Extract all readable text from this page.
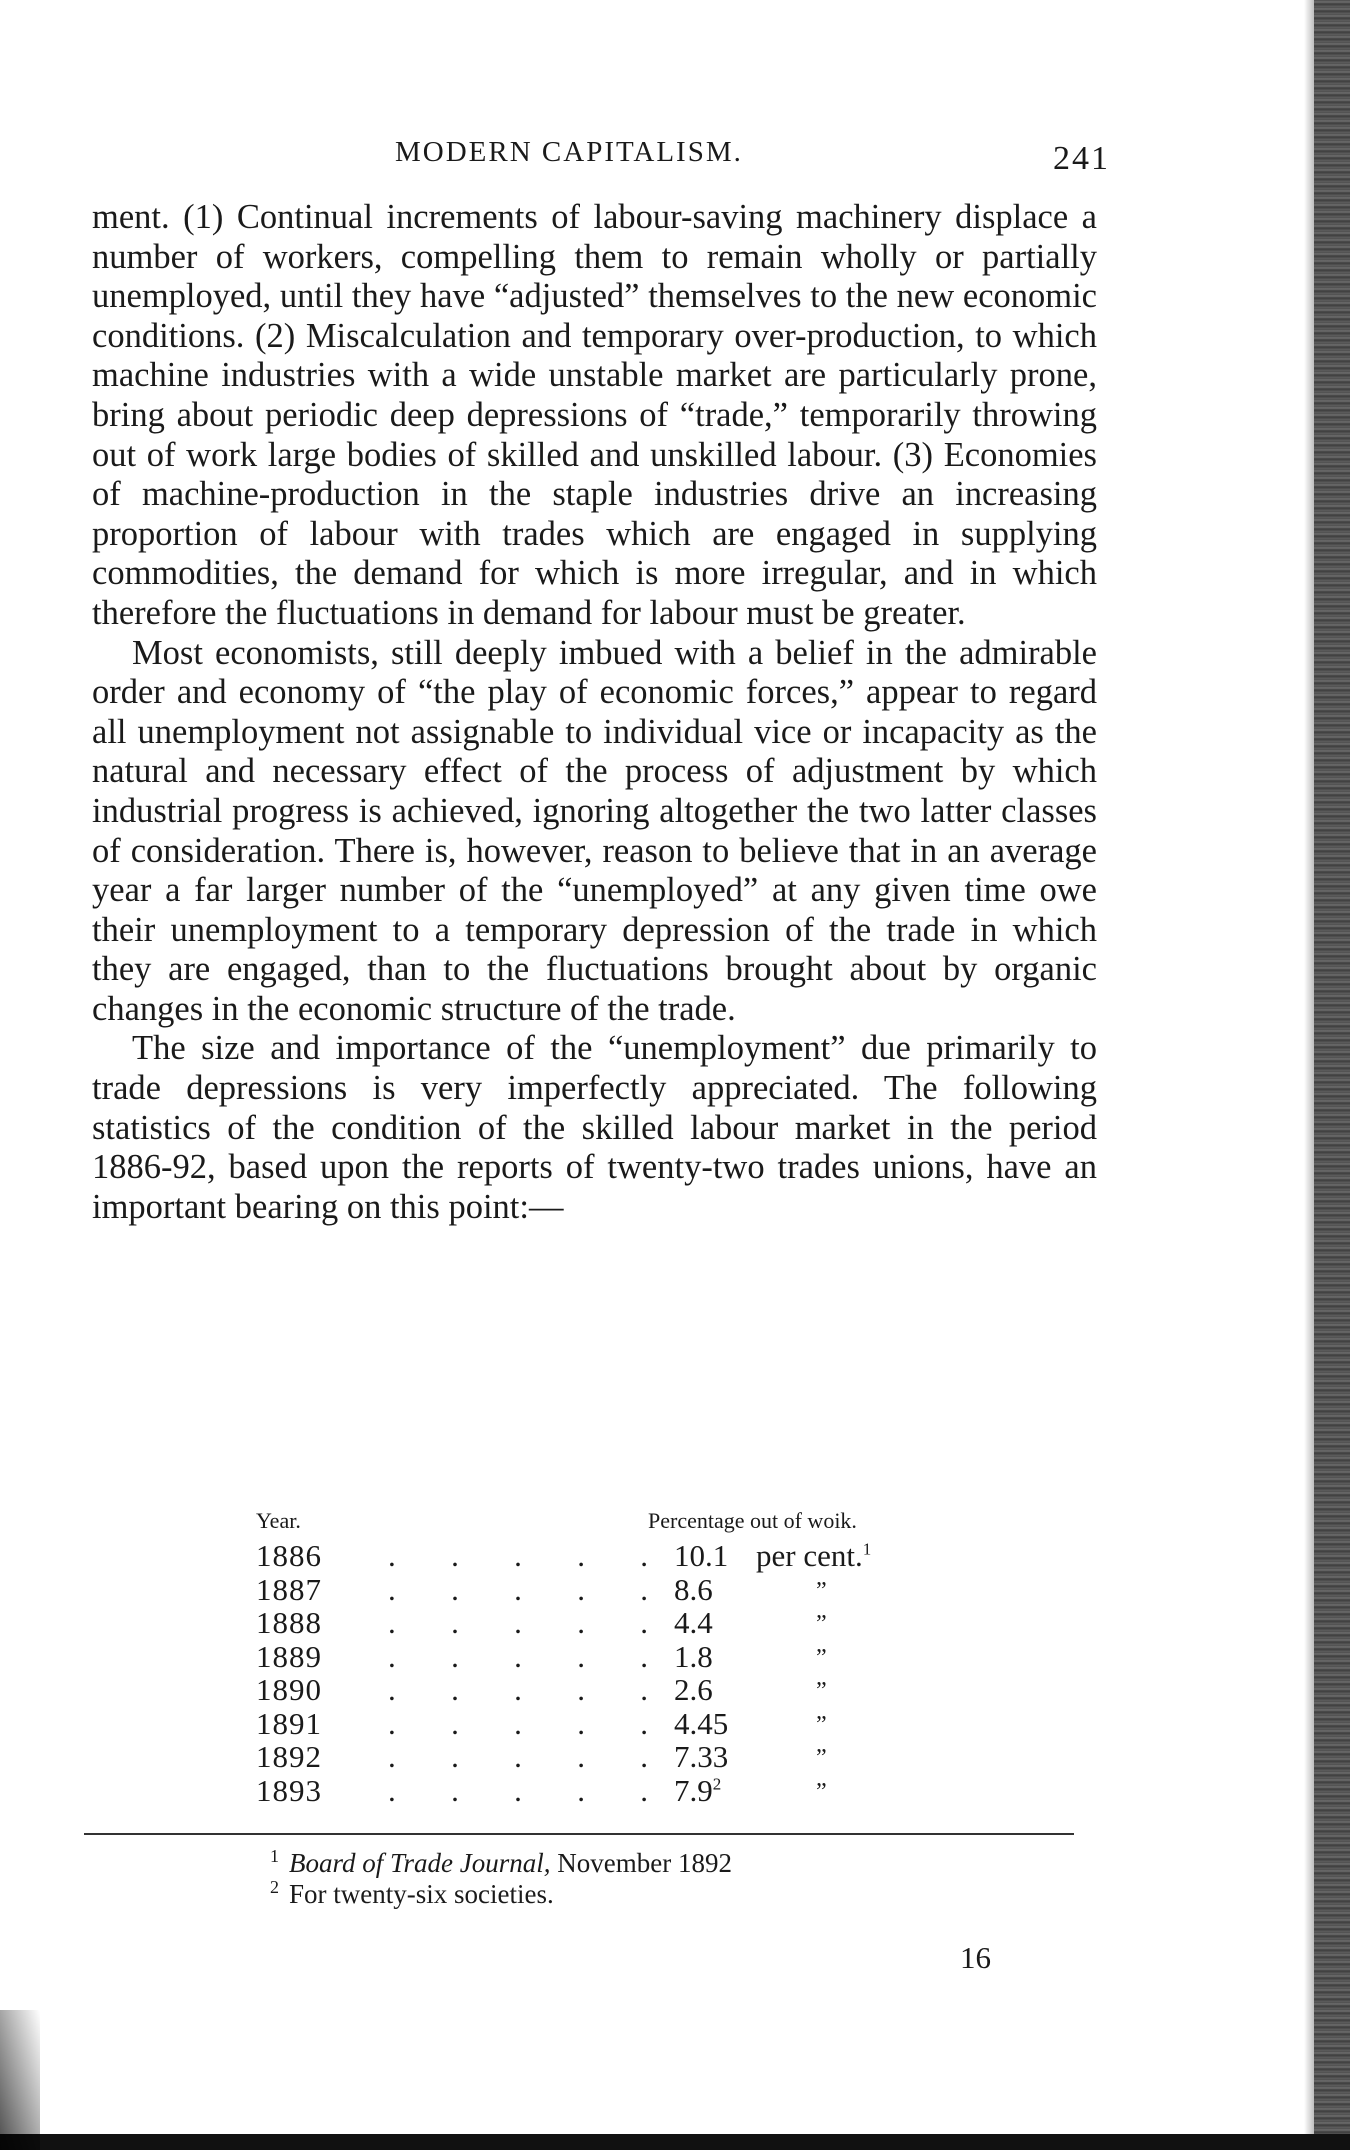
MODERN CAPITALISM.	241

ment. (1) Continual increments of labour-saving machinery displace a number of workers, compelling them to remain wholly or partially unemployed, until they have “adjusted” themselves to the new economic conditions. (2) Miscalculation and temporary over-production, to which machine industries with a wide unstable market are particularly prone, bring about periodic deep depressions of “trade,” temporarily throwing out of work large bodies of skilled and unskilled labour. (3) Economies of machine-production in the staple industries drive an increasing proportion of labour with trades which are engaged in supplying commodities, the demand for which is more irregular, and in which therefore the fluctuations in demand for labour must be greater.

Most economists, still deeply imbued with a belief in the admirable order and economy of “the play of economic forces,” appear to regard all unemployment not assignable to individual vice or incapacity as the natural and necessary effect of the process of adjustment by which industrial progress is achieved, ignoring altogether the two latter classes of consideration. There is, however, reason to believe that in an average year a far larger number of the “unemployed” at any given time owe their unemployment to a temporary depression of the trade in which they are engaged, than to the fluctuations brought about by organic changes in the economic structure of the trade.

The size and importance of the “unemployment” due primarily to trade depressions is very imperfectly appreciated. The following statistics of the condition of the skilled labour market in the period 1886-92, based upon the reports of twenty-two trades unions, have an important bearing on this point:—

Year.	Percentage out of woik.
1886 . . . . . 10.1 per cent.$^1$
1887 . . . . . 8.6	”
1888 . . . . . 4.4	”
1889 . . . . . 1.8	”
1890 . . . . . 2.6	”
1891 . . . . . 4.45	”
1892 . . . . . 7.33	”
1893 . . . . . $7.9^2$	”
$^1$ Board of Trade Journal, November 1892
$^2$ For twenty-six societies.
16
